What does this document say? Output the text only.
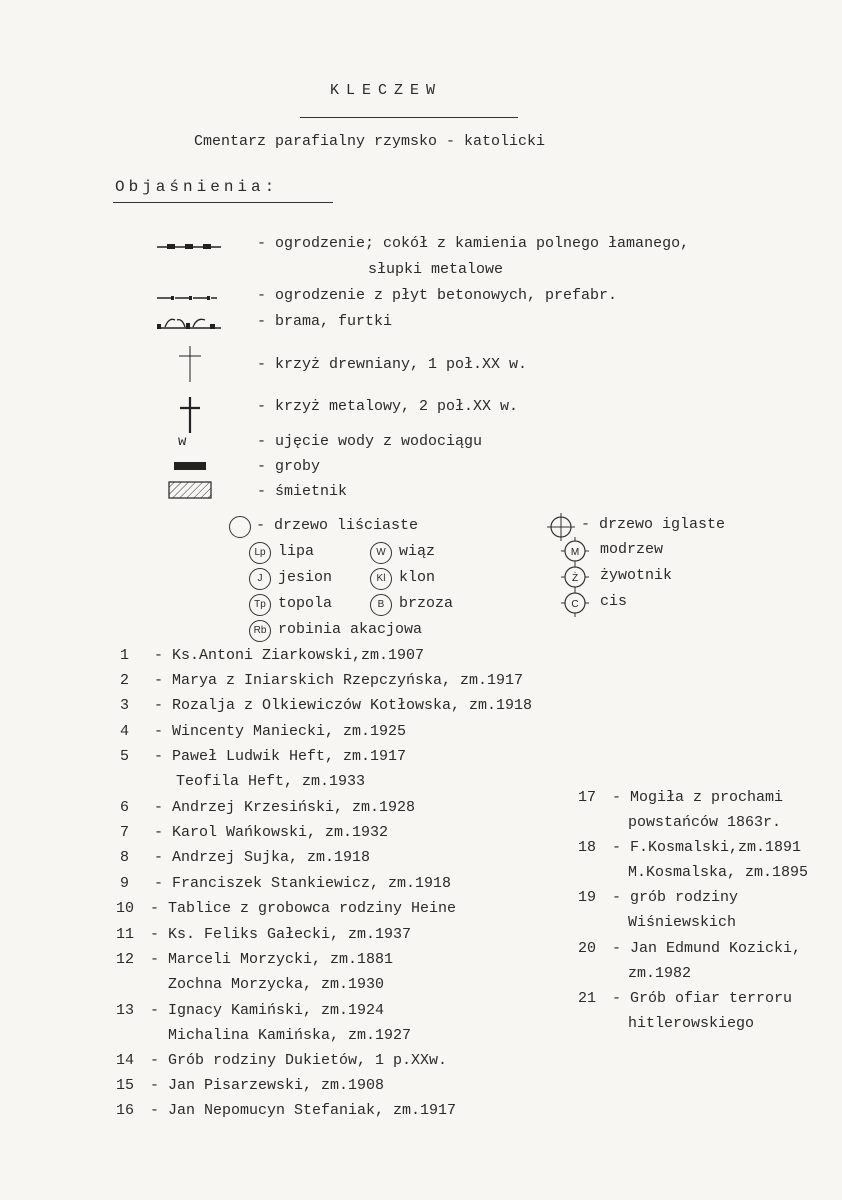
KLECZEW
Cmentarz parafialny rzymsko - katolicki
Objaśnienia:
w
- ogrodzenie; cokół z kamienia polnego łamanego,
słupki metalowe
- ogrodzenie z płyt betonowych, prefabr.
- brama, furtki
- krzyż drewniany, 1 poł.XX w.
- krzyż metalowy, 2 poł.XX w.
- ujęcie wody z wodociągu
- groby
- śmietnik
- drzewo liściaste
Lp lipa	W wiąz
J	jesion	Kl klon
Tp topola	B brzoza
Rb robinia akacjowa
- drzewo iglaste
M modrzew
Ż żywotnik
C cis
1 - Ks.Antoni Ziarkowski,zm.1907
2 - Marya z Iniarskich Rzepczyńska, zm.1917
3 - Rozalja z Olkiewiczów Kotłowska, zm.1918
4 - Wincenty Maniecki, zm.1925
5 - Paweł Ludwik Heft, zm.1917
Teofila Heft, zm.1933
6 - Andrzej Krzesiński, zm.1928
7 - Karol Wańkowski, zm.1932
8 - Andrzej Sujka, zm.1918
9 - Franciszek Stankiewicz, zm.1918
10 - Tablice z grobowca rodziny Heine
11 - Ks. Feliks Gałecki, zm.1937
12 - Marceli Morzycki, zm.1881
Zochna Morzycka, zm.1930
13 - Ignacy Kamiński, zm.1924
Michalina Kamińska, zm.1927
14 - Grób rodziny Dukietów, 1 p.XXw.
15 - Jan Pisarzewski, zm.1908
16 - Jan Nepomucyn Stefaniak, zm.1917
17 - Mogiła z prochami
powstańców 1863r.
18 - F.Kosmalski,zm.1891
M.Kosmalska, zm.1895
19 - grób rodziny
Wiśniewskich
20 - Jan Edmund Kozicki,
zm.1982
21 - Grób ofiar terroru
hitlerowskiego
